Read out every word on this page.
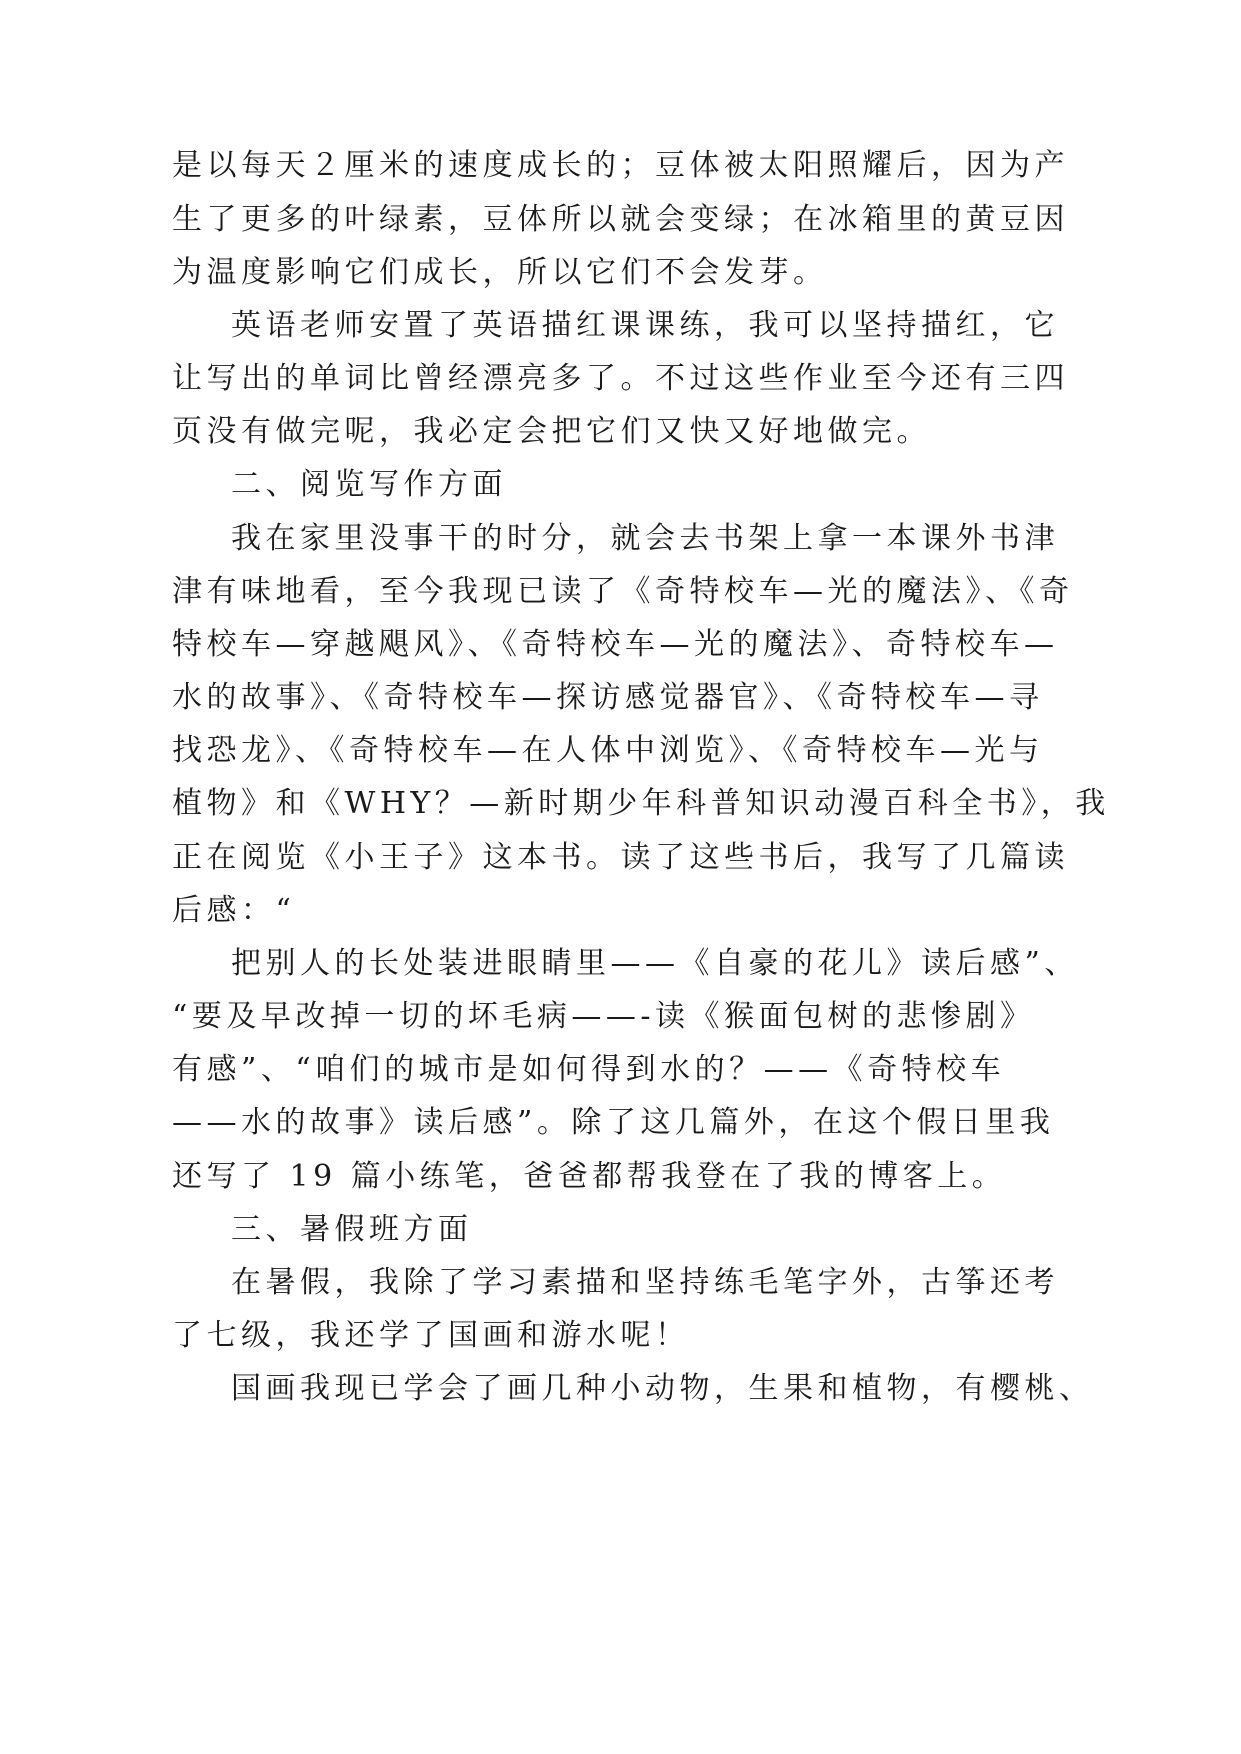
是以每天２厘米的速度成长的；豆体被太阳照耀后，因为产

生了更多的叶绿素，豆体所以就会变绿；在冰箱里的黄豆因

为温度影响它们成长，所以它们不会发芽。

英语老师安置了英语描红课课练，我可以坚持描红，它

让写出的单词比曾经漂亮多了。不过这些作业至今还有三四

页没有做完呢，我必定会把它们又快又好地做完。

二、阅览写作方面

我在家里没事干的时分，就会去书架上拿一本课外书津

津有味地看，至今我现已读了《奇特校车—光的魔法》、《奇

特校车—穿越飓风》、《奇特校车—光的魔法》、奇特校车—

水的故事》、《奇特校车—探访感觉器官》、《奇特校车—寻

找恐龙》、《奇特校车—在人体中浏览》、《奇特校车—光与

植物》和《WHY？—新时期少年科普知识动漫百科全书》，我

正在阅览《小王子》这本书。读了这些书后，我写了几篇读

后感：“

把别人的长处装进眼睛里——《自豪的花儿》读后感”、

“要及早改掉一切的坏毛病——-读《猴面包树的悲惨剧》

有感”、“咱们的城市是如何得到水的？——《奇特校车

——水的故事》读后感”。除了这几篇外，在这个假日里我

还写了 19 篇小练笔，爸爸都帮我登在了我的博客上。

三、暑假班方面

在暑假，我除了学习素描和坚持练毛笔字外，古筝还考

了七级，我还学了国画和游水呢！

国画我现已学会了画几种小动物，生果和植物，有樱桃、
